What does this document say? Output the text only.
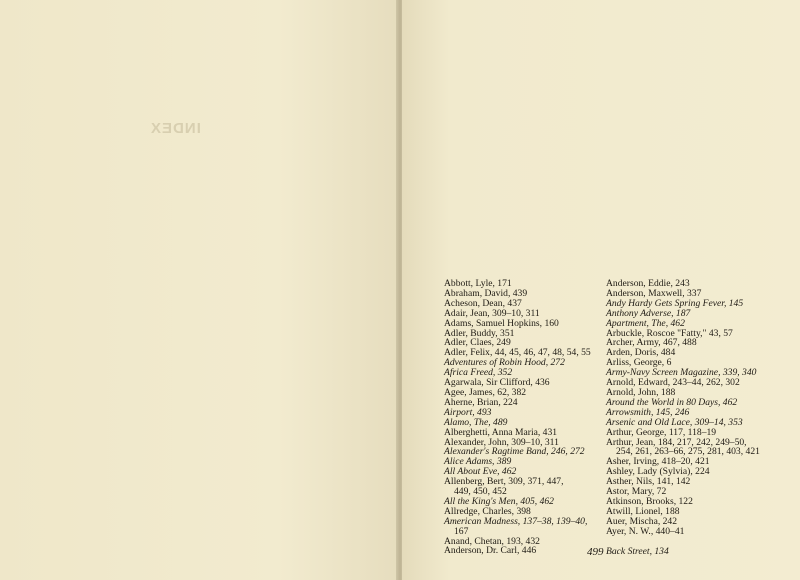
INDEX
Abbott, Lyle, 171
Abraham, David, 439
Acheson, Dean, 437
Adair, Jean, 309–10, 311
Adams, Samuel Hopkins, 160
Adler, Buddy, 351
Adler, Claes, 249
Adler, Felix, 44, 45, 46, 47, 48, 54, 55
Adventures of Robin Hood, 272
Africa Freed, 352
Agarwala, Sir Clifford, 436
Agee, James, 62, 382
Aherne, Brian, 224
Airport, 493
Alamo, The, 489
Alberghetti, Anna Maria, 431
Alexander, John, 309–10, 311
Alexander's Ragtime Band, 246, 272
Alice Adams, 389
All About Eve, 462
Allenberg, Bert, 309, 371, 447,
449, 450, 452
All the King's Men, 405, 462
Allredge, Charles, 398
American Madness, 137–38, 139–40,
167
Anand, Chetan, 193, 432
Anderson, Dr. Carl, 446
Anderson, Eddie, 243
Anderson, Maxwell, 337
Andy Hardy Gets Spring Fever, 145
Anthony Adverse, 187
Apartment, The, 462
Arbuckle, Roscoe "Fatty," 43, 57
Archer, Army, 467, 488
Arden, Doris, 484
Arliss, George, 6
Army-Navy Screen Magazine, 339, 340
Arnold, Edward, 243–44, 262, 302
Arnold, John, 188
Around the World in 80 Days, 462
Arrowsmith, 145, 246
Arsenic and Old Lace, 309–14, 353
Arthur, George, 117, 118–19
Arthur, Jean, 184, 217, 242, 249–50,
254, 261, 263–66, 275, 281, 403, 421
Asher, Irving, 418–20, 421
Ashley, Lady (Sylvia), 224
Asther, Nils, 141, 142
Astor, Mary, 72
Atkinson, Brooks, 122
Atwill, Lionel, 188
Auer, Mischa, 242
Ayer, N. W., 440–41
Back Street, 134
499
